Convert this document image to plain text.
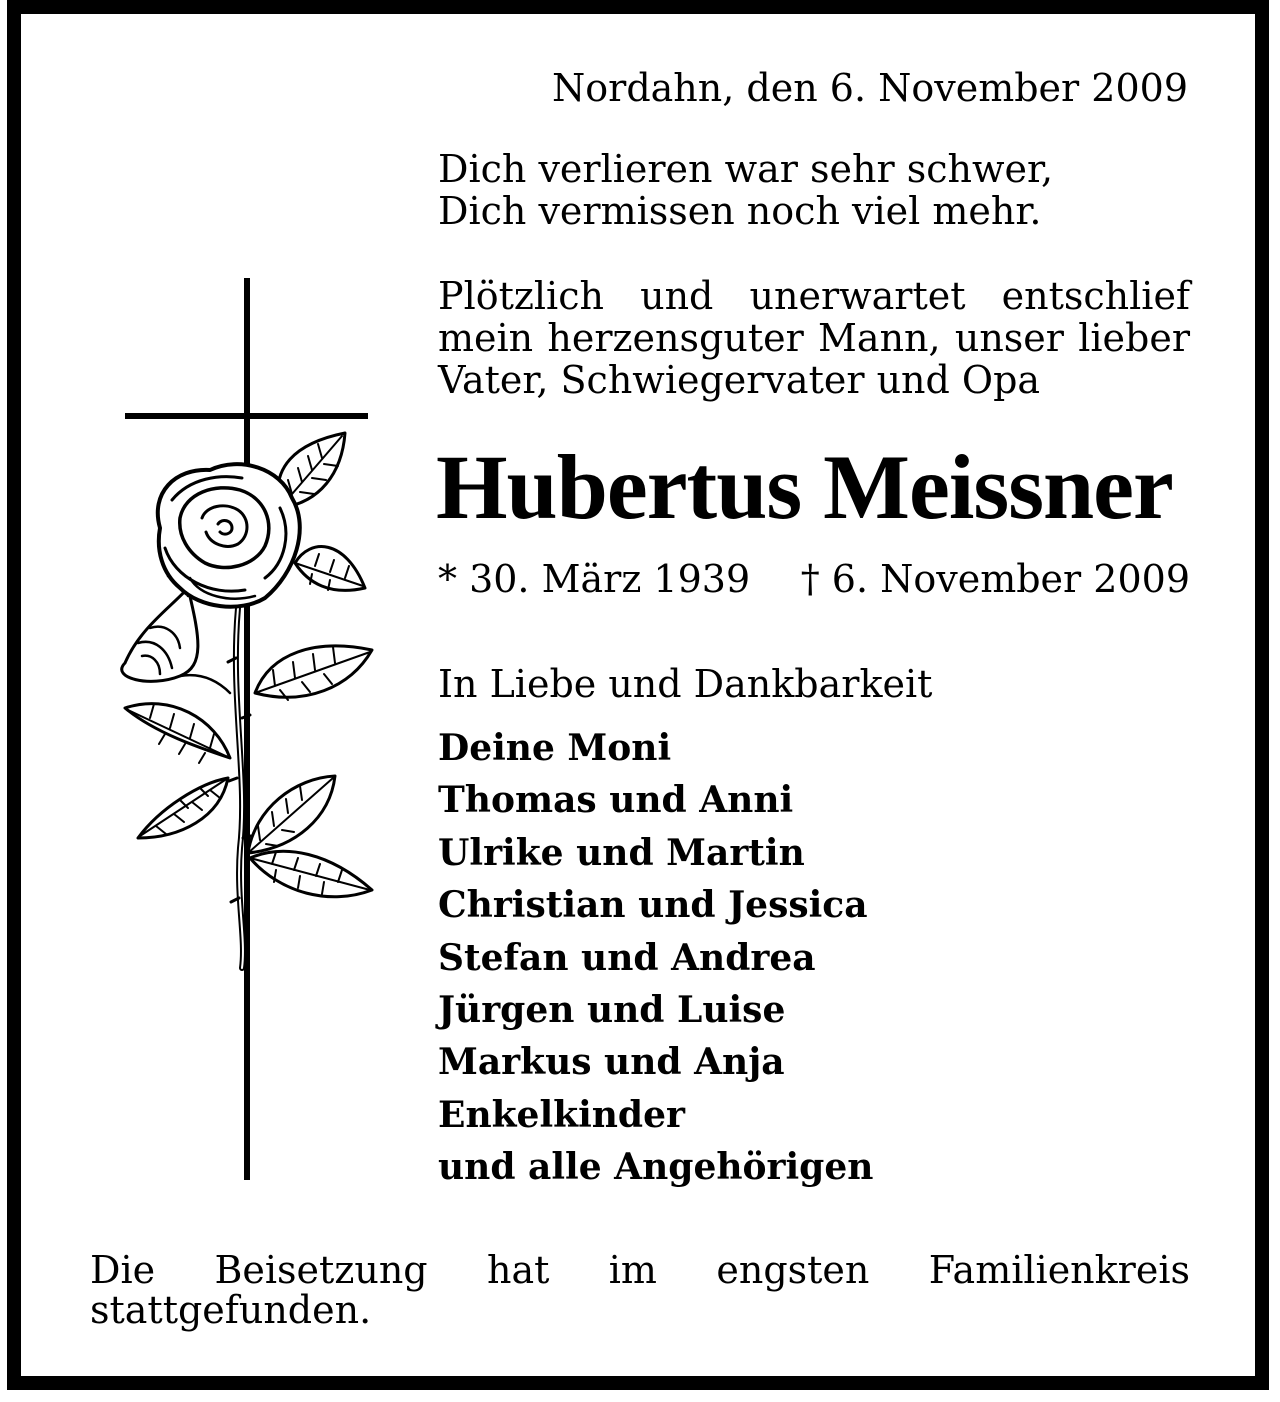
Nordahn, den 6. November 2009
Dich verlieren war sehr schwer,
Dich vermissen noch viel mehr.
Plötzlich und unerwartet entschlief
mein herzensguter Mann, unser lieber
Vater, Schwiegervater und Opa
Hubertus Meissner
* 30. März 1939 † 6. November 2009
In Liebe und Dankbarkeit
Deine Moni
Thomas und Anni
Ulrike und Martin
Christian und Jessica
Stefan und Andrea
Jürgen und Luise
Markus und Anja
Enkelkinder
und alle Angehörigen
Die Beisetzung hat im engsten Familienkreis stattgefunden.
